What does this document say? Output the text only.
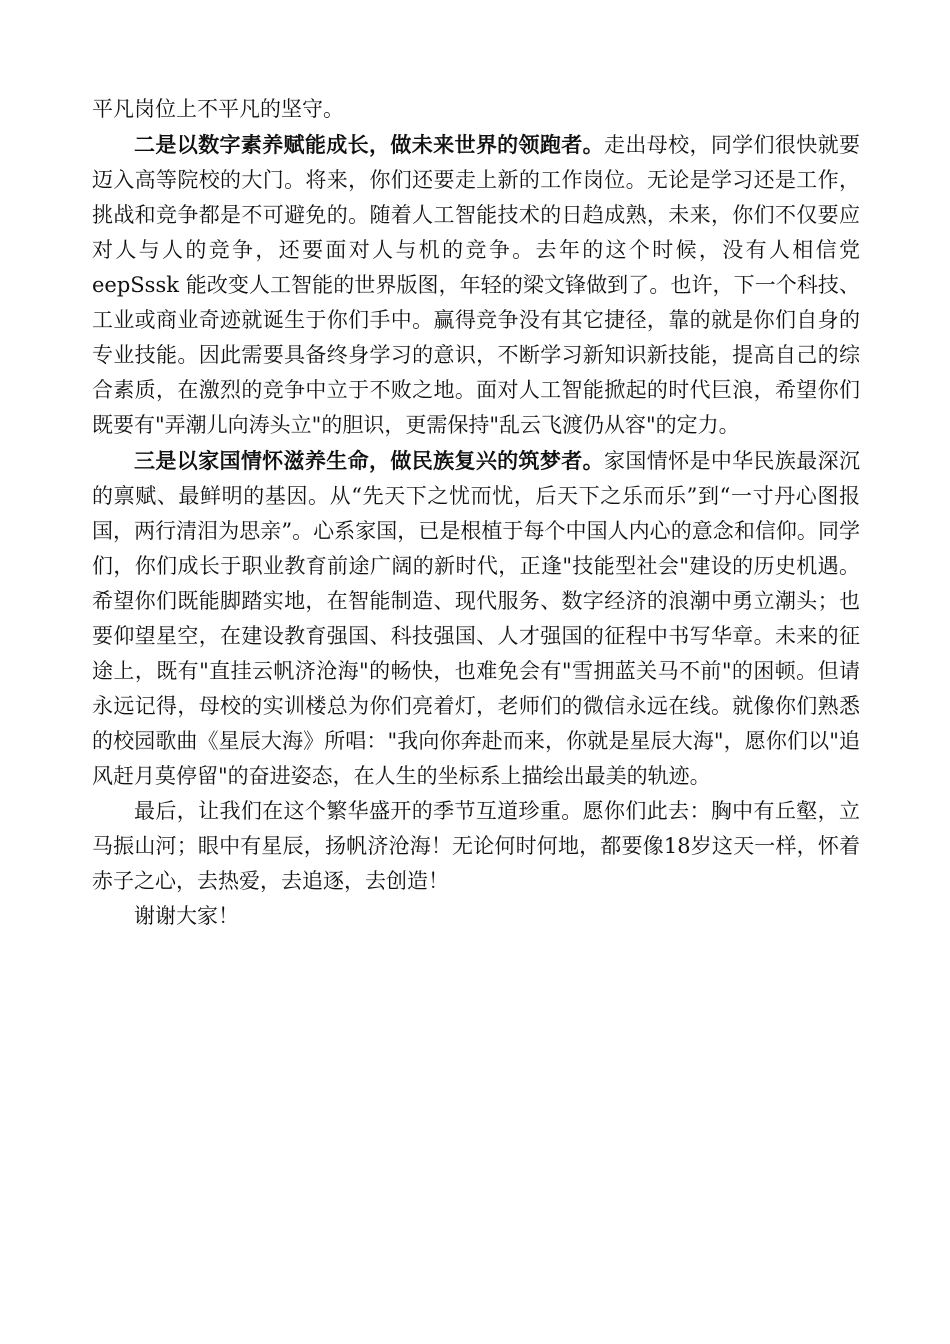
平凡岗位上不平凡的坚守。

二是以数字素养赋能成长，做未来世界的领跑者。走出母校，同学们很快就要迈入高等院校的大门。将来，你们还要走上新的工作岗位。无论是学习还是工作，挑战和竞争都是不可避免的。随着人工智能技术的日趋成熟，未来，你们不仅要应对人与人的竞争，还要面对人与机的竞争。去年的这个时候，没有人相信党 eepSssk 能改变人工智能的世界版图，年轻的梁文锋做到了。也许，下一个科技、工业或商业奇迹就诞生于你们手中。赢得竞争没有其它捷径，靠的就是你们自身的专业技能。因此需要具备终身学习的意识，不断学习新知识新技能，提高自己的综合素质，在激烈的竞争中立于不败之地。面对人工智能掀起的时代巨浪，希望你们既要有"弄潮儿向涛头立"的胆识，更需保持"乱云飞渡仍从容"的定力。

三是以家国情怀滋养生命，做民族复兴的筑梦者。家国情怀是中华民族最深沉的禀赋、最鲜明的基因。从“先天下之忧而忧，后天下之乐而乐”到“一寸丹心图报国，两行清泪为思亲”。心系家国，已是根植于每个中国人内心的意念和信仰。同学们，你们成长于职业教育前途广阔的新时代，正逢"技能型社会"建设的历史机遇。希望你们既能脚踏实地，在智能制造、现代服务、数字经济的浪潮中勇立潮头；也要仰望星空，在建设教育强国、科技强国、人才强国的征程中书写华章。未来的征途上，既有"直挂云帆济沧海"的畅快，也难免会有"雪拥蓝关马不前"的困顿。但请永远记得，母校的实训楼总为你们亮着灯，老师们的微信永远在线。就像你们熟悉的校园歌曲《星辰大海》所唱："我向你奔赴而来，你就是星辰大海"，愿你们以"追风赶月莫停留"的奋进姿态，在人生的坐标系上描绘出最美的轨迹。

最后，让我们在这个繁华盛开的季节互道珍重。愿你们此去：胸中有丘壑，立马振山河；眼中有星辰，扬帆济沧海！无论何时何地，都要像18岁这天一样，怀着赤子之心，去热爱，去追逐，去创造！

谢谢大家！
